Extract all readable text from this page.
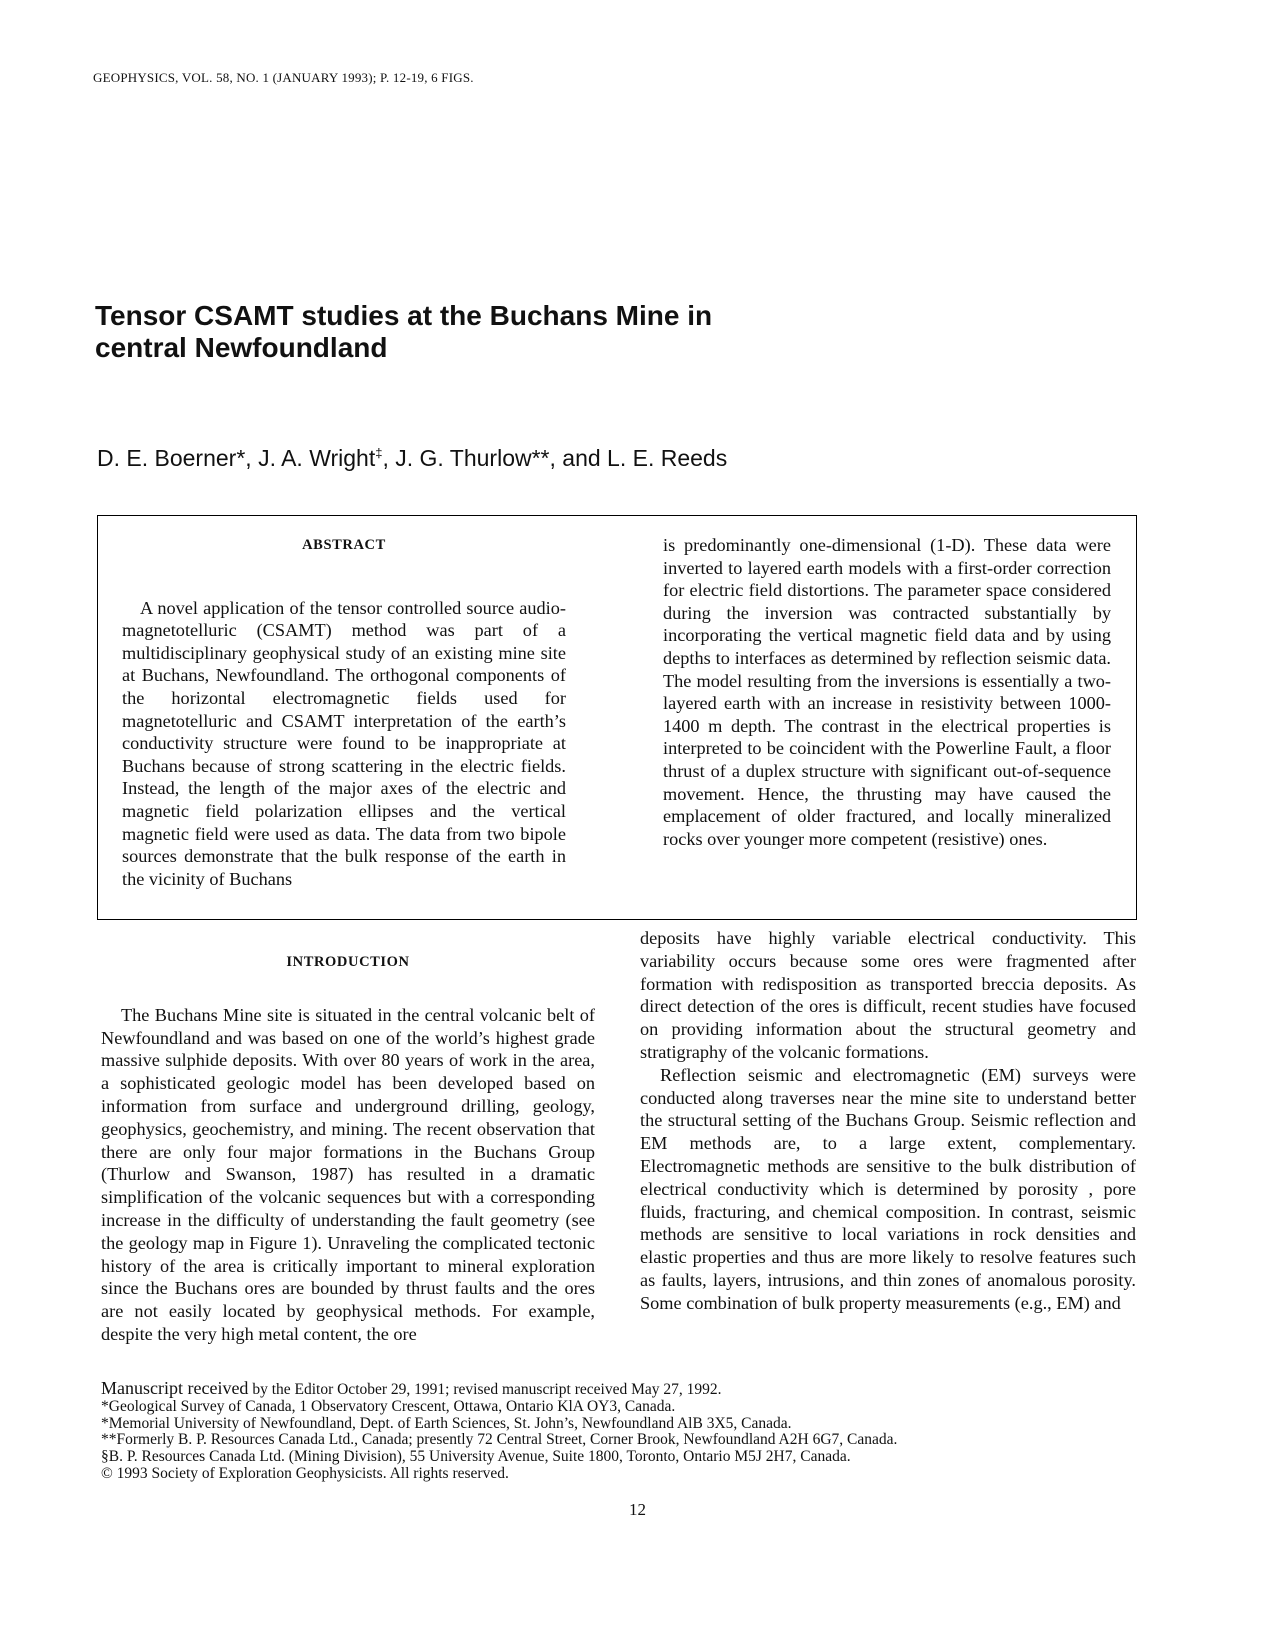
GEOPHYSICS, VOL. 58, NO. 1 (JANUARY 1993); P. 12-19, 6 FIGS.
Tensor CSAMT studies at the Buchans Mine in
central Newfoundland
D. E. Boerner*, J. A. Wright‡, J. G. Thurlow**, and L. E. Reeds
ABSTRACT

A novel application of the tensor controlled source audio-magnetotelluric (CSAMT) method was part of a multidisciplinary geophysical study of an existing mine site at Buchans, Newfoundland. The orthogonal components of the horizontal electromagnetic fields used for magnetotelluric and CSAMT interpretation of the earth’s conductivity structure were found to be inappropriate at Buchans because of strong scattering in the electric fields. Instead, the length of the major axes of the electric and magnetic field polarization ellipses and the vertical magnetic field were used as data. The data from two bipole sources demonstrate that the bulk response of the earth in the vicinity of Buchans

is predominantly one-dimensional (1-D). These data were inverted to layered earth models with a first-order correction for electric field distortions. The parameter space considered during the inversion was contracted substantially by incorporating the vertical magnetic field data and by using depths to interfaces as determined by reflection seismic data. The model resulting from the inversions is essentially a two-layered earth with an increase in resistivity between 1000-1400 m depth. The contrast in the electrical properties is interpreted to be coincident with the Powerline Fault, a floor thrust of a duplex structure with significant out-of-sequence movement. Hence, the thrusting may have caused the emplacement of older fractured, and locally mineralized rocks over younger more competent (resistive) ones.

INTRODUCTION

The Buchans Mine site is situated in the central volcanic belt of Newfoundland and was based on one of the world’s highest grade massive sulphide deposits. With over 80 years of work in the area, a sophisticated geologic model has been developed based on information from surface and underground drilling, geology, geophysics, geochemistry, and mining. The recent observation that there are only four major formations in the Buchans Group (Thurlow and Swanson, 1987) has resulted in a dramatic simplification of the volcanic sequences but with a corresponding increase in the difficulty of understanding the fault geometry (see the geology map in Figure 1). Unraveling the complicated tectonic history of the area is critically important to mineral exploration since the Buchans ores are bounded by thrust faults and the ores are not easily located by geophysical methods. For example, despite the very high metal content, the ore

deposits have highly variable electrical conductivity. This variability occurs because some ores were fragmented after formation with redisposition as transported breccia deposits. As direct detection of the ores is difficult, recent studies have focused on providing information about the structural geometry and stratigraphy of the volcanic formations.

Reflection seismic and electromagnetic (EM) surveys were conducted along traverses near the mine site to understand better the structural setting of the Buchans Group. Seismic reflection and EM methods are, to a large extent, complementary. Electromagnetic methods are sensitive to the bulk distribution of electrical conductivity which is determined by porosity , pore fluids, fracturing, and chemical composition. In contrast, seismic methods are sensitive to local variations in rock densities and elastic properties and thus are more likely to resolve features such as faults, layers, intrusions, and thin zones of anomalous porosity. Some combination of bulk property measurements (e.g., EM) and

Manuscript received by the Editor October 29, 1991; revised manuscript received May 27, 1992.
*Geological Survey of Canada, 1 Observatory Crescent, Ottawa, Ontario KlA OY3, Canada.
*Memorial University of Newfoundland, Dept. of Earth Sciences, St. John’s, Newfoundland AlB 3X5, Canada.
**Formerly B. P. Resources Canada Ltd., Canada; presently 72 Central Street, Corner Brook, Newfoundland A2H 6G7, Canada.
§B. P. Resources Canada Ltd. (Mining Division), 55 University Avenue, Suite 1800, Toronto, Ontario M5J 2H7, Canada.
© 1993 Society of Exploration Geophysicists. All rights reserved.
12
